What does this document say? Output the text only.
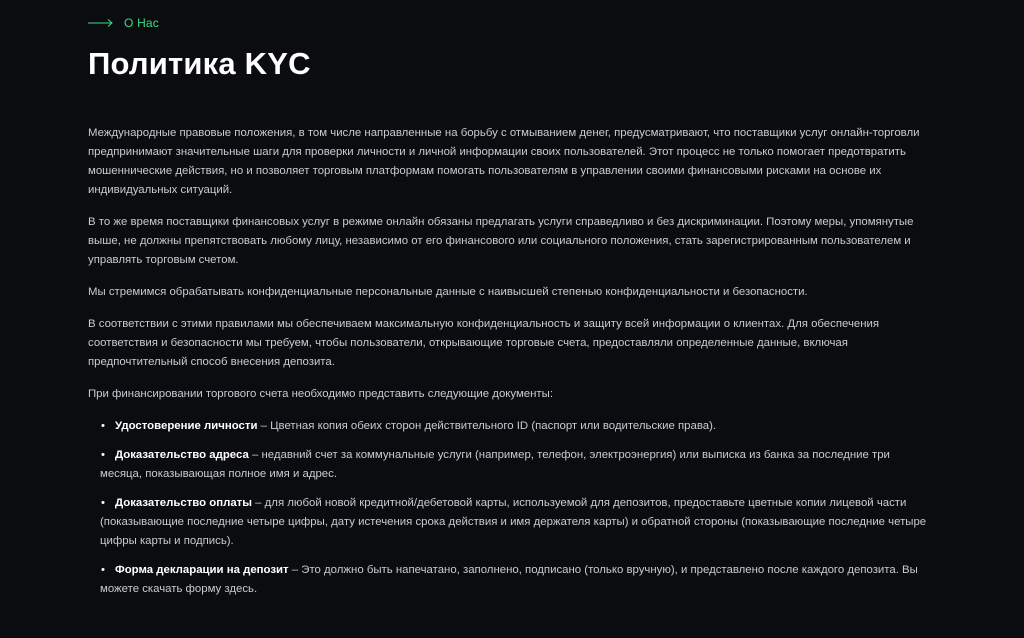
О Нас
Политика KYC

Международные правовые положения, в том числе направленные на борьбу с отмыванием денег, предусматривают, что поставщики услуг онлайн-торговли предпринимают значительные шаги для проверки личности и личной информации своих пользователей. Этот процесс не только помогает предотвратить мошеннические действия, но и позволяет торговым платформам помогать пользователям в управлении своими финансовыми рисками на основе их индивидуальных ситуаций.

В то же время поставщики финансовых услуг в режиме онлайн обязаны предлагать услуги справедливо и без дискриминации. Поэтому меры, упомянутые выше, не должны препятствовать любому лицу, независимо от его финансового или социального положения, стать зарегистрированным пользователем и управлять торговым счетом.

Мы стремимся обрабатывать конфиденциальные персональные данные с наивысшей степенью конфиденциальности и безопасности.

В соответствии с этими правилами мы обеспечиваем максимальную конфиденциальность и защиту всей информации о клиентах. Для обеспечения соответствия и безопасности мы требуем, чтобы пользователи, открывающие торговые счета, предоставляли определенные данные, включая предпочтительный способ внесения депозита.

При финансировании торгового счета необходимо представить следующие документы:

• Удостоверение личности – Цветная копия обеих сторон действительного ID (паспорт или водительские права).
• Доказательство адреса – недавний счет за коммунальные услуги (например, телефон, электроэнергия) или выписка из банка за последние три месяца, показывающая полное имя и адрес.
• Доказательство оплаты – для любой новой кредитной/дебетовой карты, используемой для депозитов, предоставьте цветные копии лицевой части (показывающие последние четыре цифры, дату истечения срока действия и имя держателя карты) и обратной стороны (показывающие последние четыре цифры карты и подпись).
• Форма декларации на депозит – Это должно быть напечатано, заполнено, подписано (только вручную), и представлено после каждого депозита. Вы можете скачать форму здесь.
